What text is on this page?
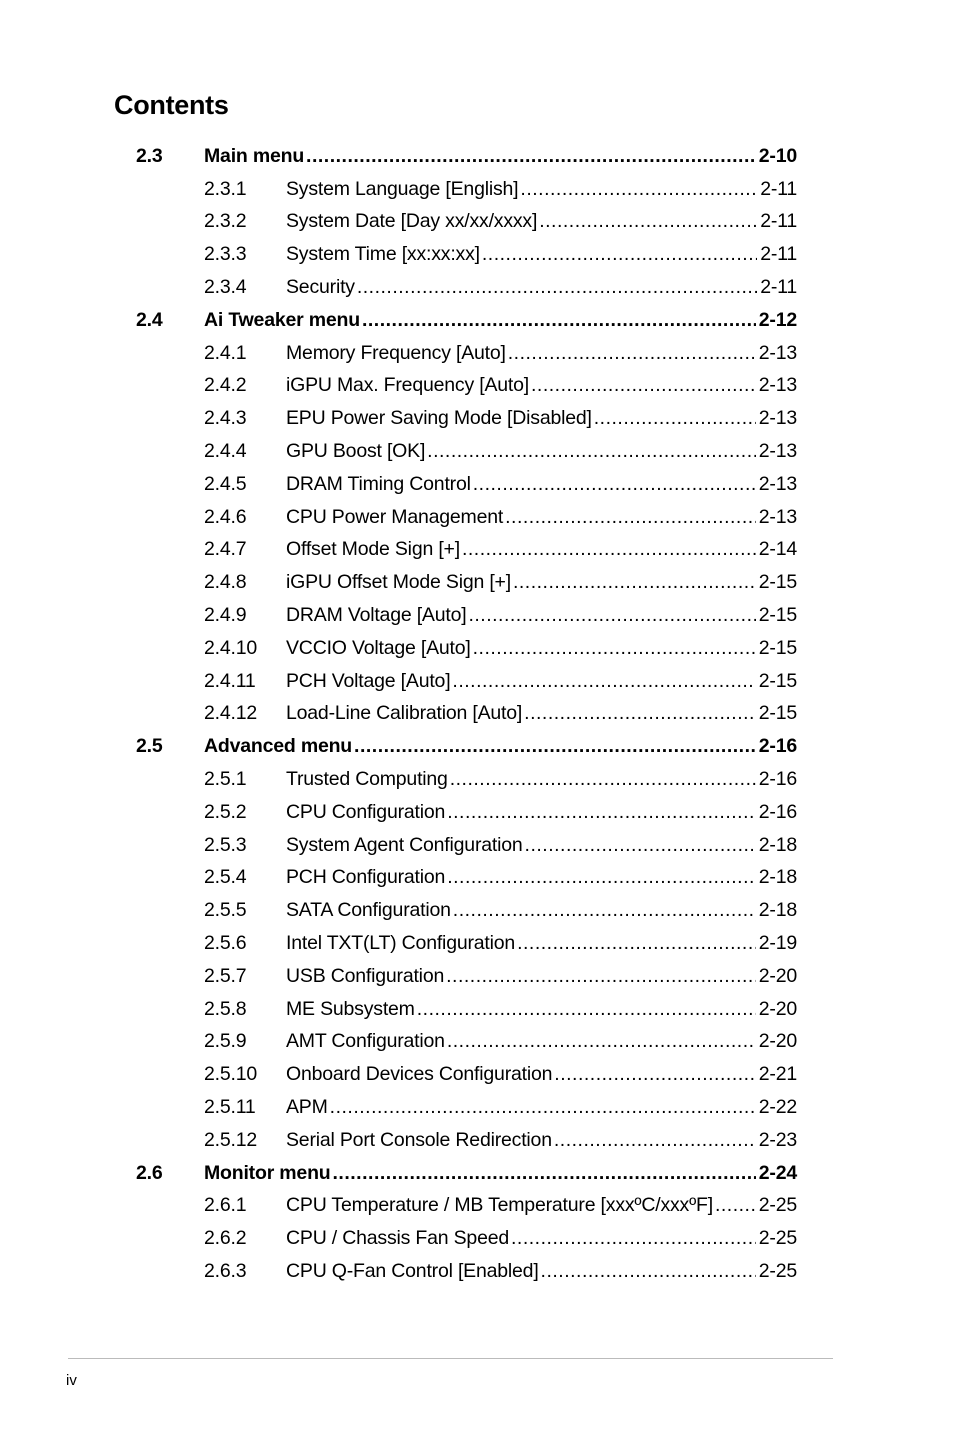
Contents
2.3	Main menu .....	2-10
2.3.1	System Language [English] .....	2-11
2.3.2	System Date [Day xx/xx/xxxx] .....	2-11
2.3.3	System Time [xx:xx:xx] .....	2-11
2.3.4	Security .....	2-11
2.4	Ai Tweaker menu .....	2-12
2.4.1	Memory Frequency [Auto] .....	2-13
2.4.2	iGPU Max. Frequency [Auto] .....	2-13
2.4.3	EPU Power Saving Mode [Disabled] .....	2-13
2.4.4	GPU Boost [OK] .....	2-13
2.4.5	DRAM Timing Control .....	2-13
2.4.6	CPU Power Management .....	2-13
2.4.7	Offset Mode Sign [+] .....	2-14
2.4.8	iGPU Offset Mode Sign [+] .....	2-15
2.4.9	DRAM Voltage [Auto] .....	2-15
2.4.10	VCCIO Voltage [Auto] .....	2-15
2.4.11	PCH Voltage [Auto] .....	2-15
2.4.12	Load-Line Calibration [Auto] .....	2-15
2.5	Advanced menu .....	2-16
2.5.1	Trusted Computing .....	2-16
2.5.2	CPU Configuration .....	2-16
2.5.3	System Agent Configuration .....	2-18
2.5.4	PCH Configuration .....	2-18
2.5.5	SATA Configuration .....	2-18
2.5.6	Intel TXT(LT) Configuration .....	2-19
2.5.7	USB Configuration .....	2-20
2.5.8	ME Subsystem .....	2-20
2.5.9	AMT Configuration .....	2-20
2.5.10	Onboard Devices Configuration .....	2-21
2.5.11	APM .....	2-22
2.5.12	Serial Port Console Redirection .....	2-23
2.6	Monitor menu .....	2-24
2.6.1	CPU Temperature / MB Temperature [xxxºC/xxxºF] ..... 2-25
2.6.2	CPU / Chassis Fan Speed .....	2-25
2.6.3	CPU Q-Fan Control [Enabled] .....	2-25
iv
